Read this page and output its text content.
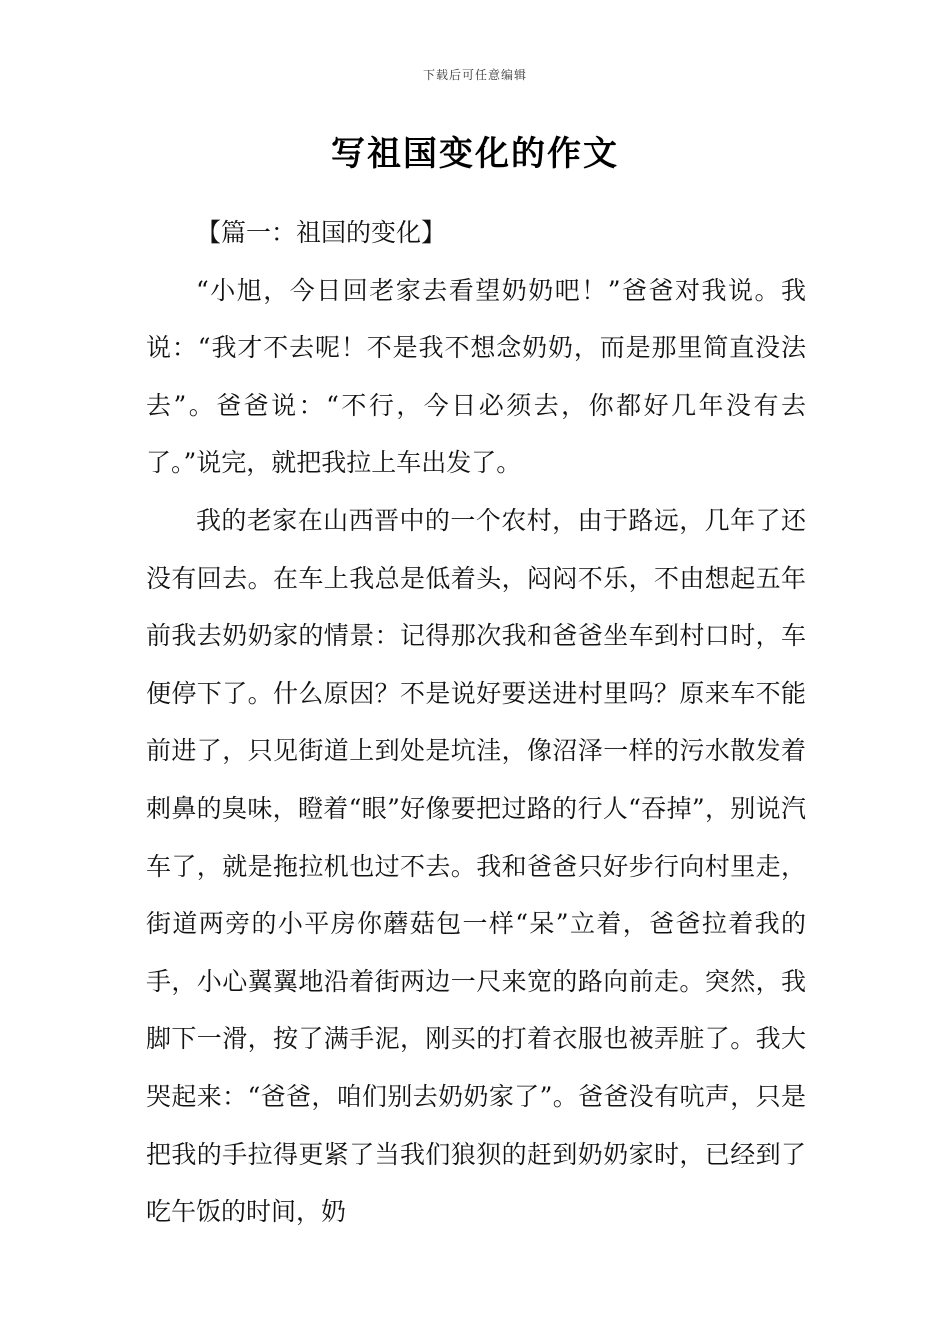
下载后可任意编辑
写祖国变化的作文

【篇一：祖国的变化】

“小旭，今日回老家去看望奶奶吧！”爸爸对我说。我说：“我才不去呢！不是我不想念奶奶，而是那里简直没法去”。爸爸说：“不行，今日必须去，你都好几年没有去了。”说完，就把我拉上车出发了。

我的老家在山西晋中的一个农村，由于路远，几年了还没有回去。在车上我总是低着头，闷闷不乐，不由想起五年前我去奶奶家的情景：记得那次我和爸爸坐车到村口时，车便停下了。什么原因？不是说好要送进村里吗？原来车不能前进了，只见街道上到处是坑洼，像沼泽一样的污水散发着刺鼻的臭味，瞪着“眼”好像要把过路的行人“吞掉”，别说汽车了，就是拖拉机也过不去。我和爸爸只好步行向村里走，街道两旁的小平房你蘑菇包一样“呆”立着，爸爸拉着我的手，小心翼翼地沿着街两边一尺来宽的路向前走。突然，我脚下一滑，按了满手泥，刚买的打着衣服也被弄脏了。我大哭起来：“爸爸，咱们别去奶奶家了”。爸爸没有吭声，只是把我的手拉得更紧了当我们狼狈的赶到奶奶家时，已经到了吃午饭的时间，奶
